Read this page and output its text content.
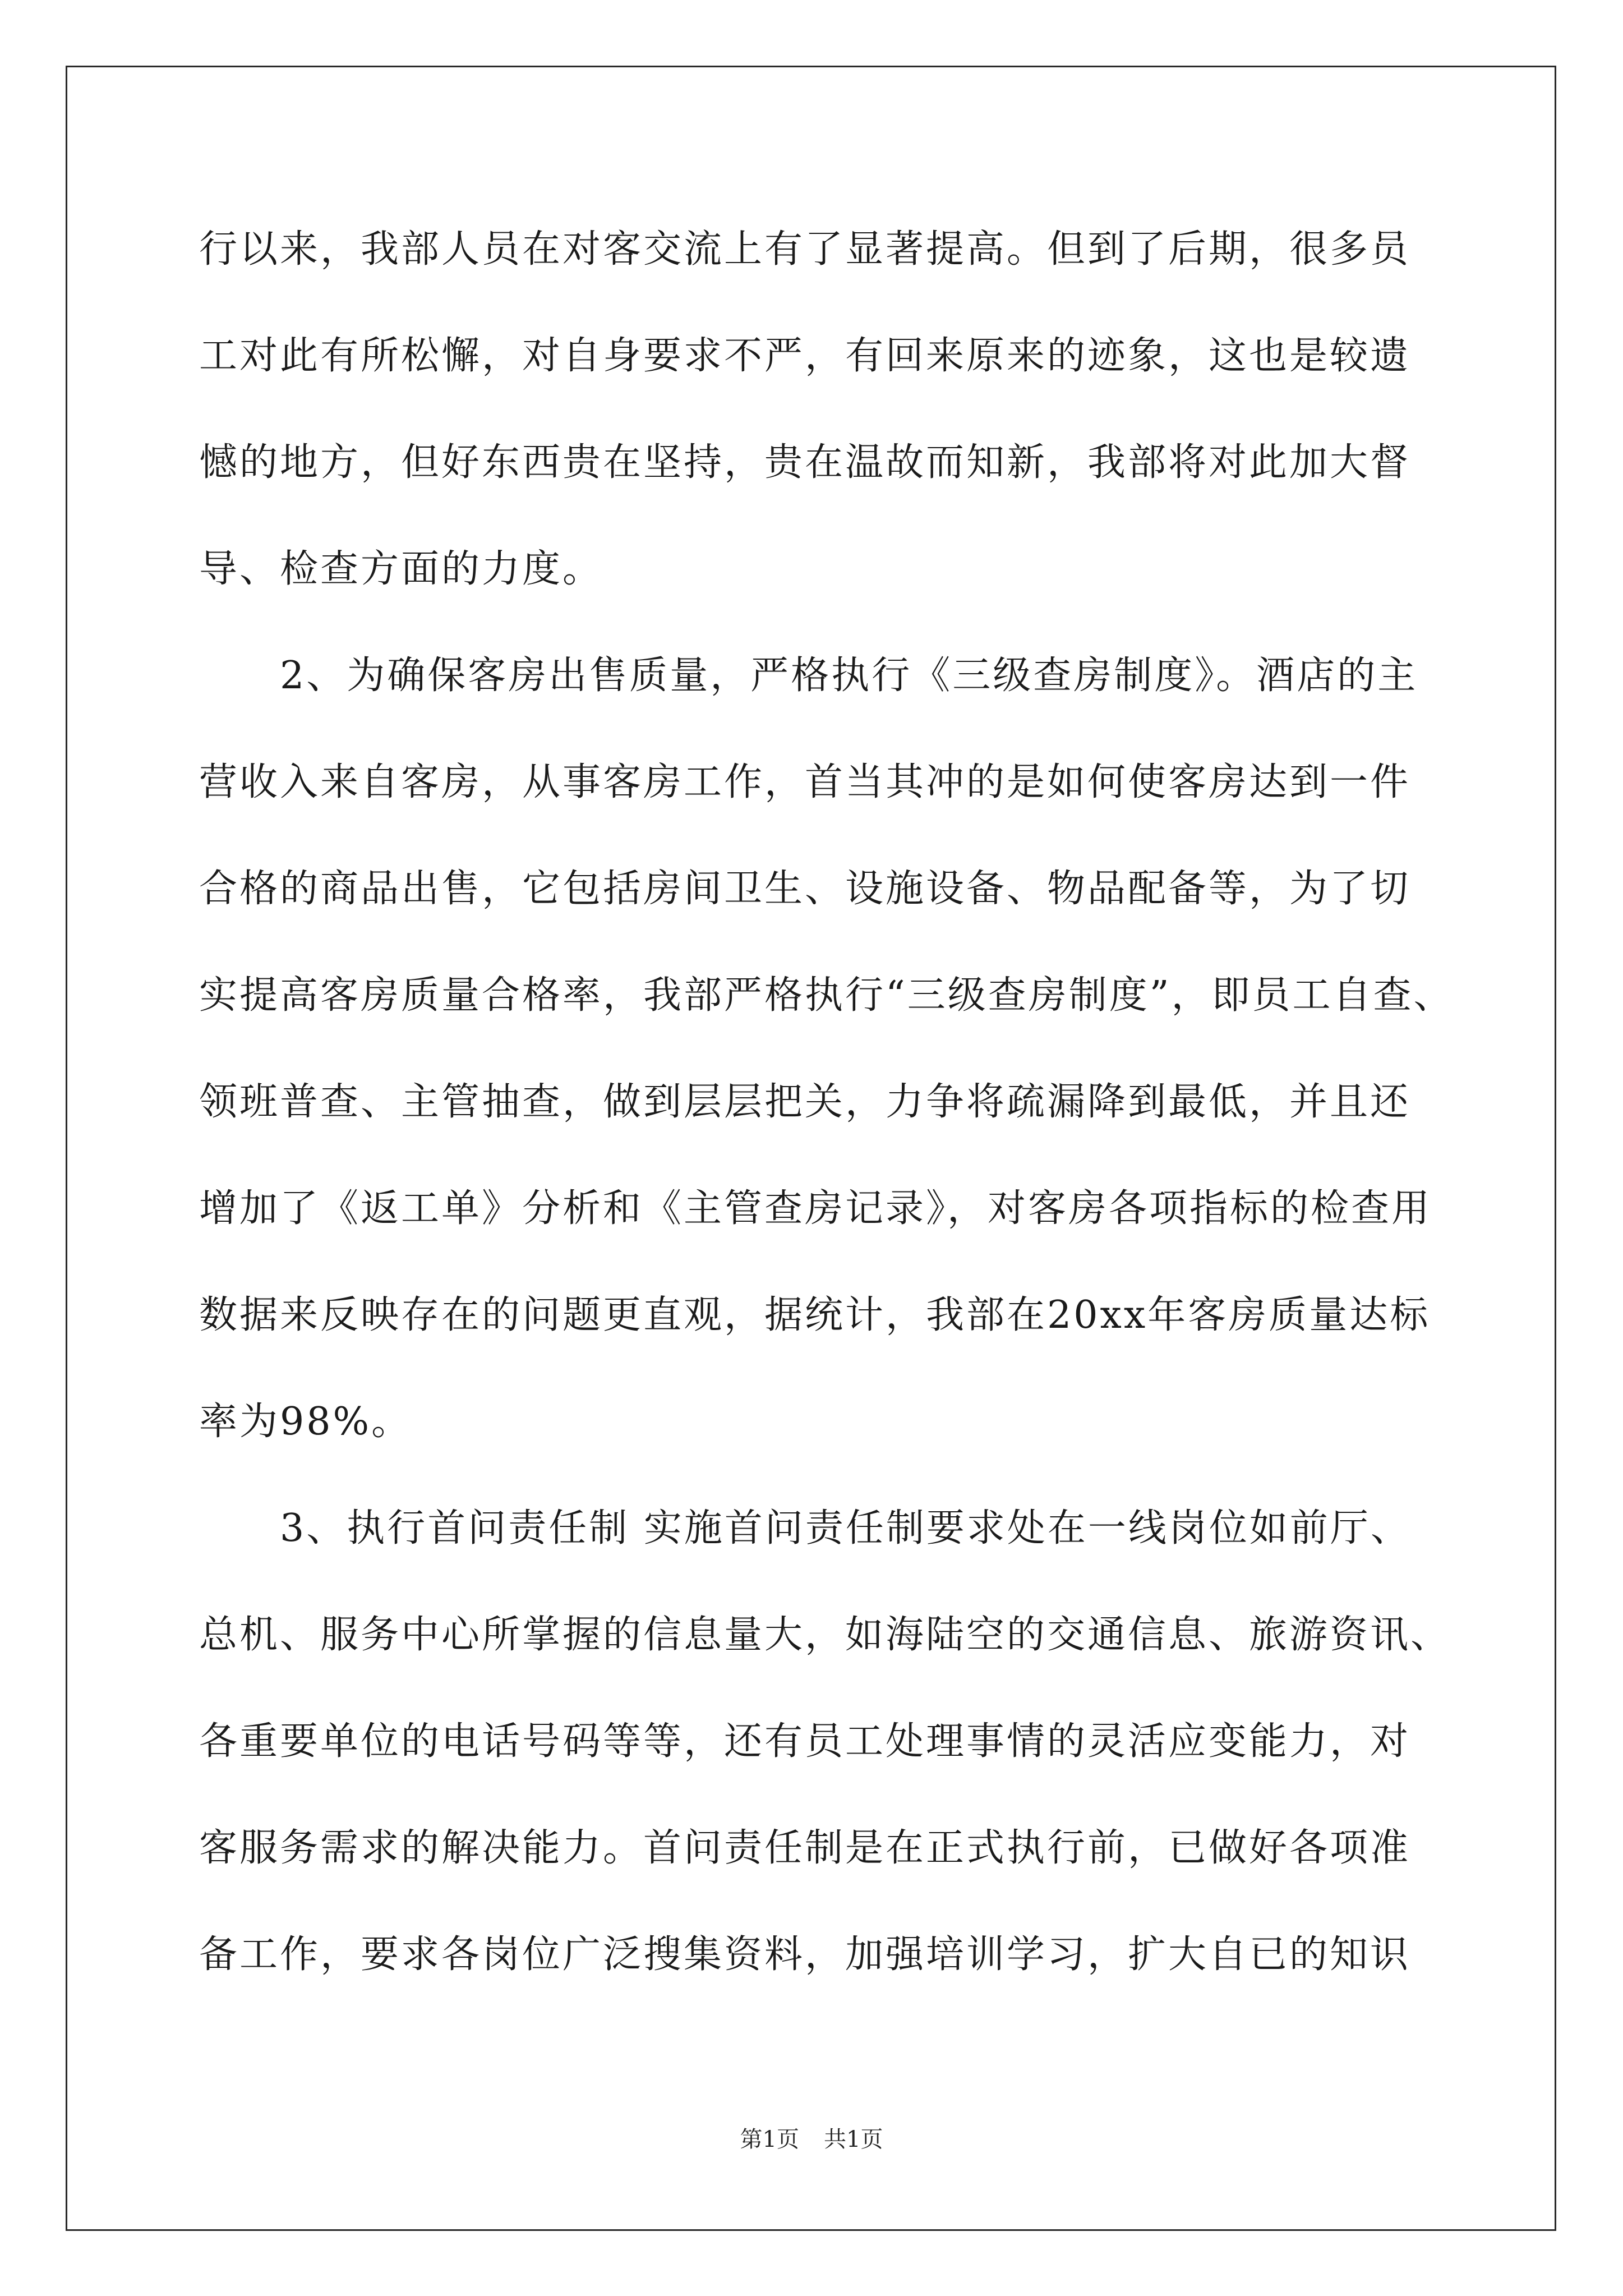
行以来，我部人员在对客交流上有了显著提高。但到了后期，很多员
工对此有所松懈，对自身要求不严，有回来原来的迹象，这也是较遗
憾的地方，但好东西贵在坚持，贵在温故而知新，我部将对此加大督
导、检查方面的力度。
　　2、为确保客房出售质量，严格执行《三级查房制度》。酒店的主
营收入来自客房，从事客房工作，首当其冲的是如何使客房达到一件
合格的商品出售，它包括房间卫生、设施设备、物品配备等，为了切
实提高客房质量合格率，我部严格执行“三级查房制度”，即员工自查、
领班普查、主管抽查，做到层层把关，力争将疏漏降到最低，并且还
增加了《返工单》分析和《主管查房记录》，对客房各项指标的检查用
数据来反映存在的问题更直观，据统计，我部在20xx年客房质量达标
率为98%。
　　3、执行首问责任制 实施首问责任制要求处在一线岗位如前厅、
总机、服务中心所掌握的信息量大，如海陆空的交通信息、旅游资讯、
各重要单位的电话号码等等，还有员工处理事情的灵活应变能力，对
客服务需求的解决能力。首问责任制是在正式执行前，已做好各项准
备工作，要求各岗位广泛搜集资料，加强培训学习，扩大自已的知识
第1页 共1页
